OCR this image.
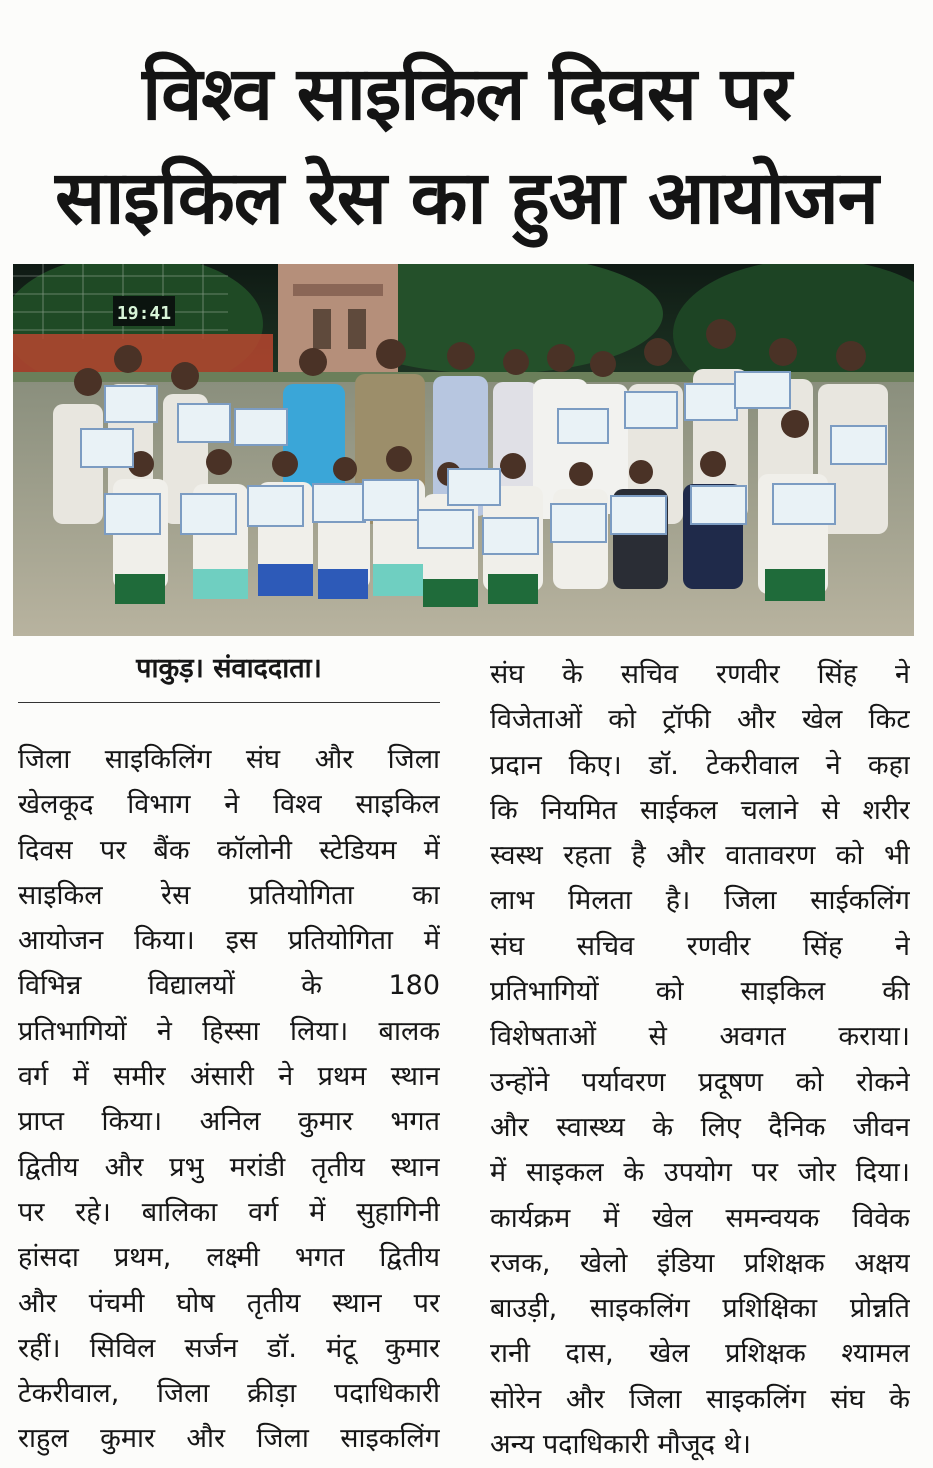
विश्व साइकिल दिवस पर
साइकिल रेस का हुआ आयोजन
19:41
पाकुड़। संवाददाता।
जिला साइकिलिंग संघ और जिला
खेलकूद विभाग ने विश्व साइकिल
दिवस पर बैंक कॉलोनी स्टेडियम में
साइकिल रेस प्रतियोगिता का
आयोजन किया। इस प्रतियोगिता में
विभिन्न विद्यालयों के 180
प्रतिभागियों ने हिस्सा लिया। बालक
वर्ग में समीर अंसारी ने प्रथम स्थान
प्राप्त किया। अनिल कुमार भगत
द्वितीय और प्रभु मरांडी तृतीय स्थान
पर रहे। बालिका वर्ग में सुहागिनी
हांसदा प्रथम, लक्ष्मी भगत द्वितीय
और पंचमी घोष तृतीय स्थान पर
रहीं। सिविल सर्जन डॉ. मंटू कुमार
टेकरीवाल, जिला क्रीड़ा पदाधिकारी
राहुल कुमार और जिला साइकलिंग
संघ के सचिव रणवीर सिंह ने
विजेताओं को ट्रॉफी और खेल किट
प्रदान किए। डॉ. टेकरीवाल ने कहा
कि नियमित साईकल चलाने से शरीर
स्वस्थ रहता है और वातावरण को भी
लाभ मिलता है। जिला साईकलिंग
संघ सचिव रणवीर सिंह ने
प्रतिभागियों को साइकिल की
विशेषताओं से अवगत कराया।
उन्होंने पर्यावरण प्रदूषण को रोकने
और स्वास्थ्य के लिए दैनिक जीवन
में साइकल के उपयोग पर जोर दिया।
कार्यक्रम में खेल समन्वयक विवेक
रजक, खेलो इंडिया प्रशिक्षक अक्षय
बाउड़ी, साइकलिंग प्रशिक्षिका प्रोन्नति
रानी दास, खेल प्रशिक्षक श्यामल
सोरेन और जिला साइकलिंग संघ के
अन्य पदाधिकारी मौजूद थे।
